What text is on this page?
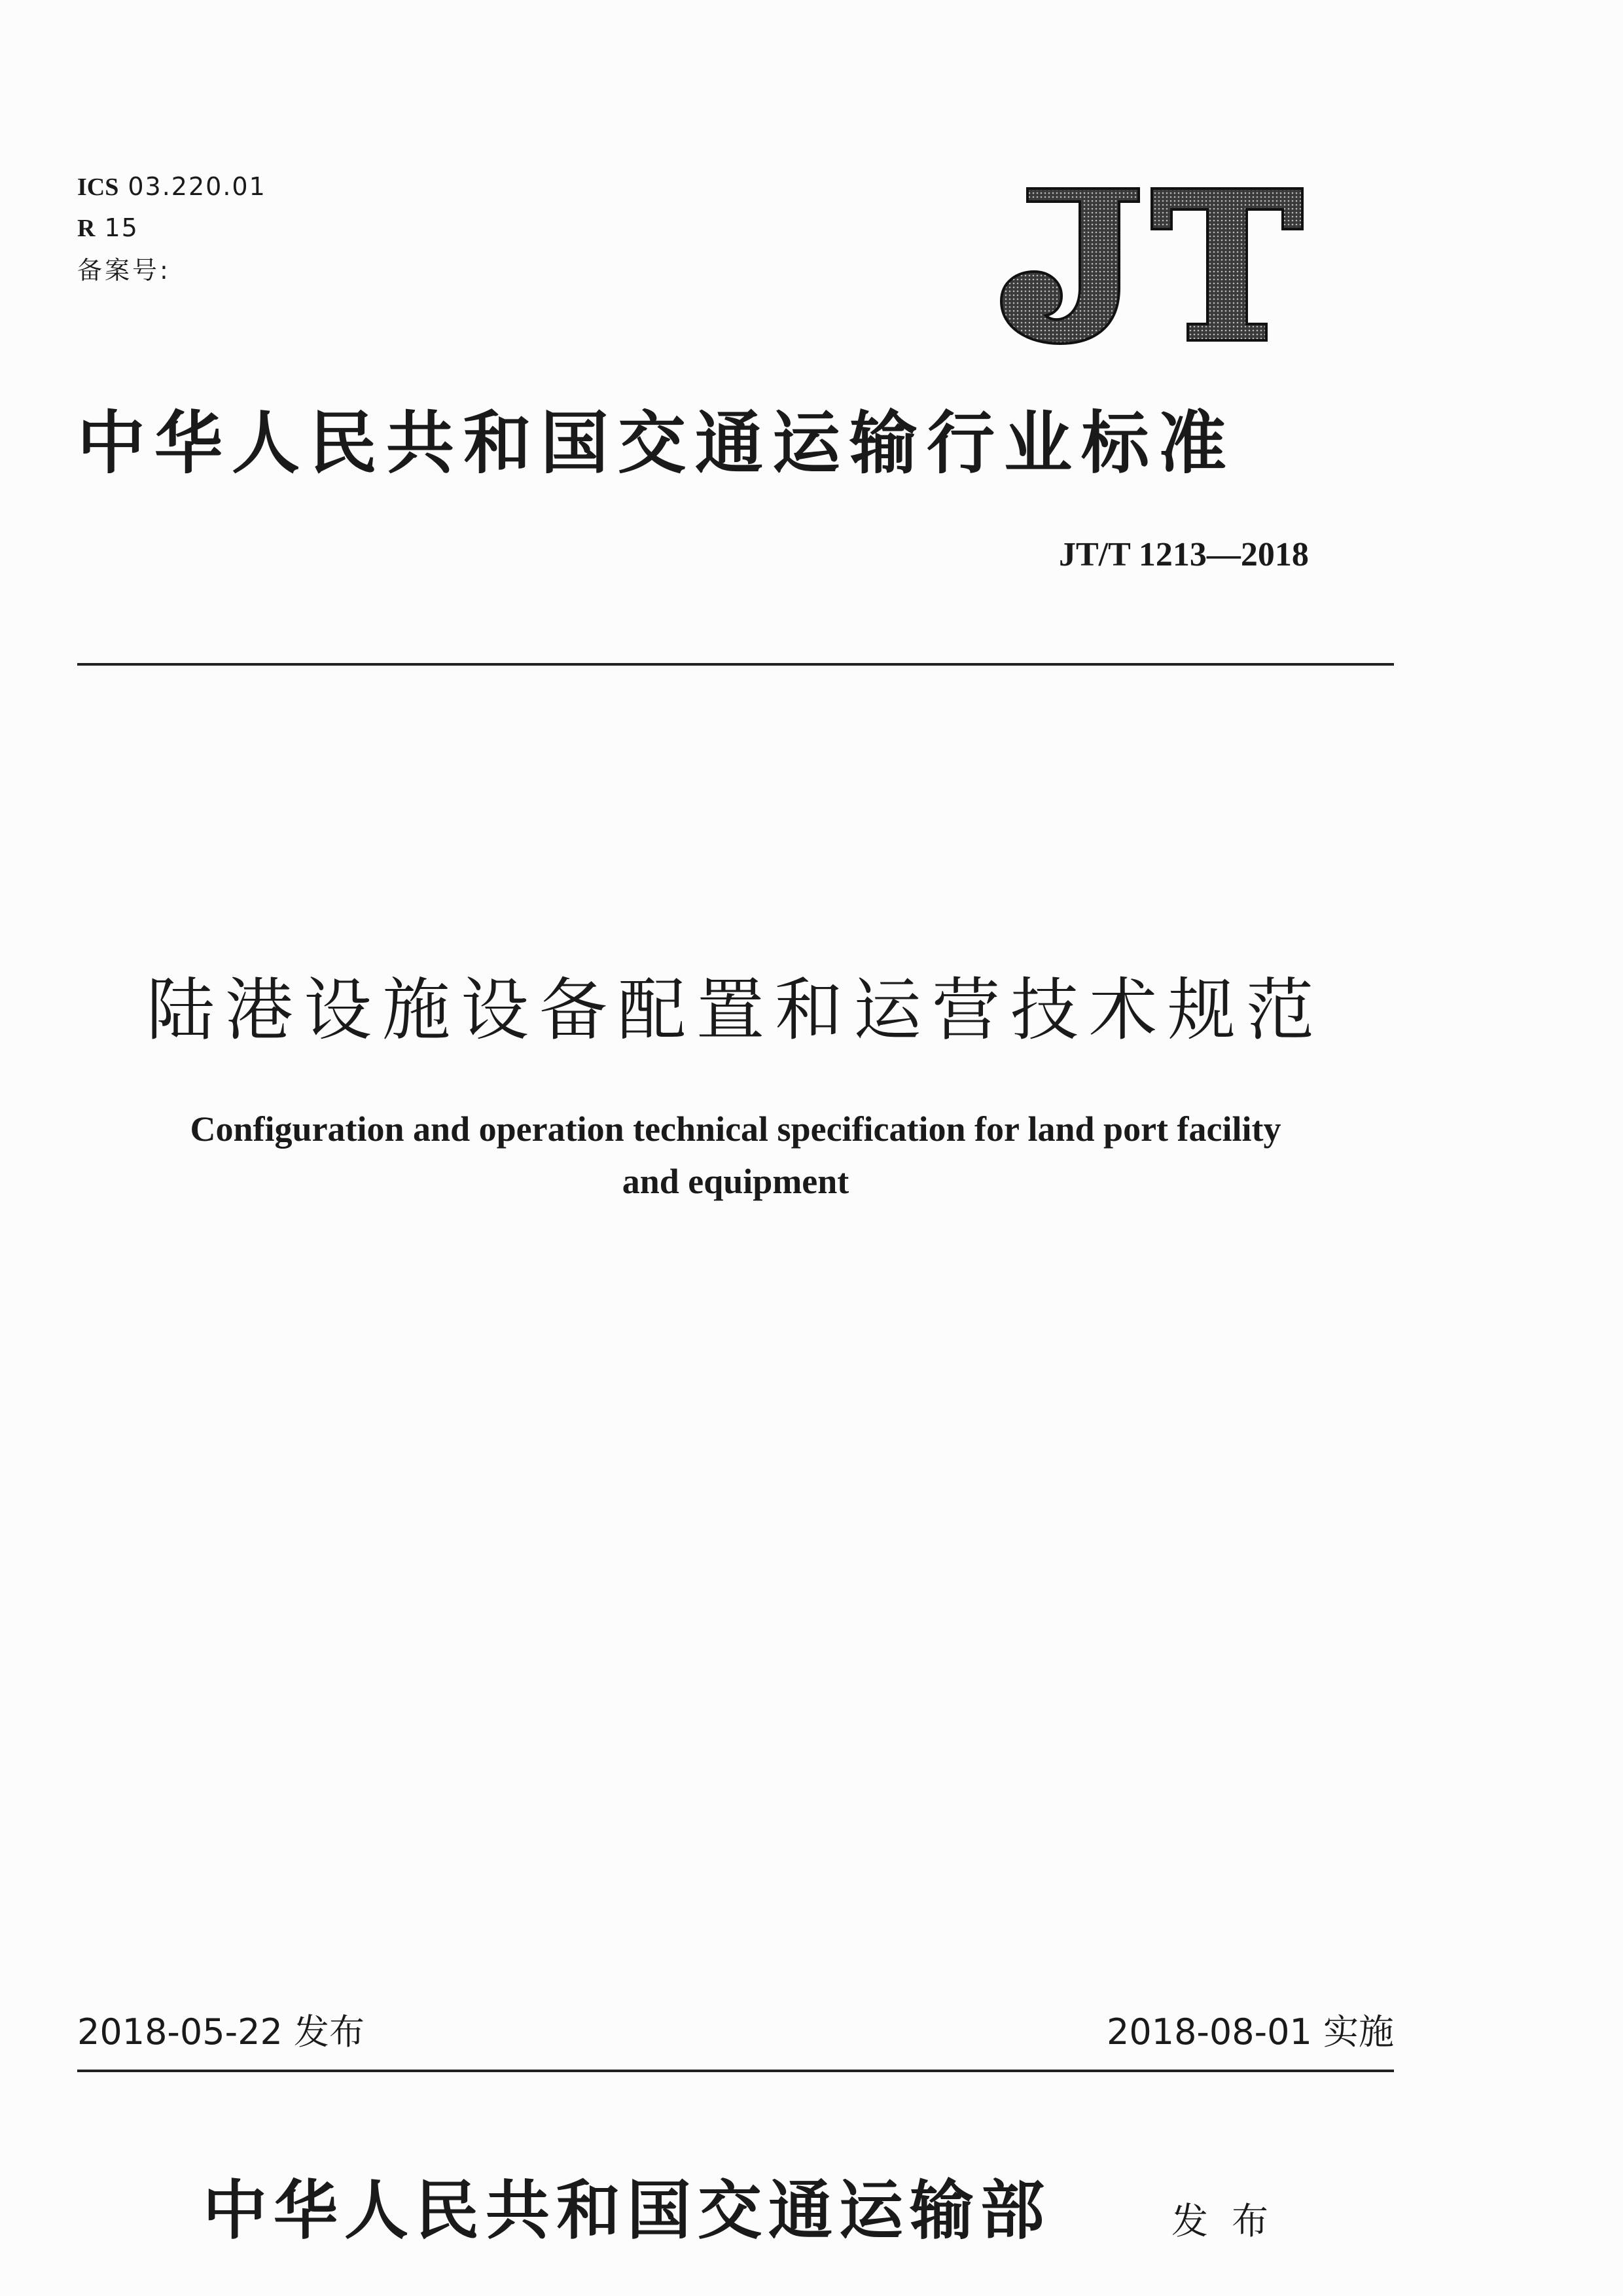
ICS 03.220.01
R 15
备案号:	JT
中华人民共和国交通运输行业标准
JT/T 1213—2018
陆港设施设备配置和运营技术规范
Configuration and operation technical specification for land port facility
and equipment
2018-05-22 发布	2018-08-01 实施
中华人民共和国交通运输部	发布
